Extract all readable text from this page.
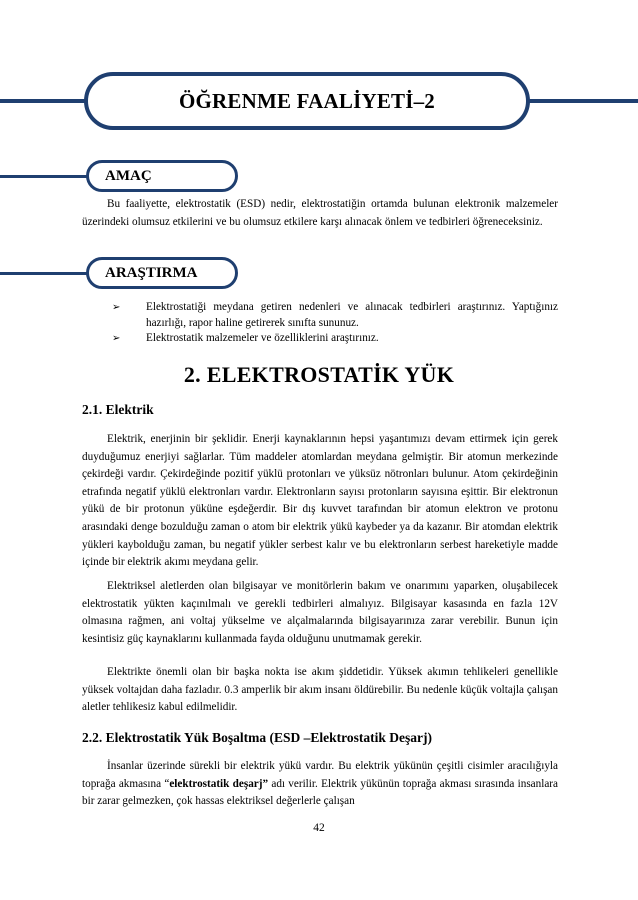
ÖĞRENME FAALİYETİ–2
AMAÇ

Bu faaliyette, elektrostatik (ESD) nedir, elektrostatiğin ortamda bulunan elektronik malzemeler üzerindeki olumsuz etkilerini ve bu olumsuz etkilere karşı alınacak önlem ve tedbirleri öğreneceksiniz.

ARAŞTIRMA
➢ Elektrostatiği meydana getiren nedenleri ve alınacak tedbirleri araştırınız. Yaptığınız hazırlığı, rapor haline getirerek sınıfta sununuz.
➢ Elektrostatik malzemeler ve özelliklerini araştırınız.
2. ELEKTROSTATİK YÜK
2.1. Elektrik

Elektrik, enerjinin bir şeklidir. Enerji kaynaklarının hepsi yaşantımızı devam ettirmek için gerek duyduğumuz enerjiyi sağlarlar. Tüm maddeler atomlardan meydana gelmiştir. Bir atomun merkezinde çekirdeği vardır. Çekirdeğinde pozitif yüklü protonları ve yüksüz nötronları bulunur. Atom çekirdeğinin etrafında negatif yüklü elektronları vardır. Elektronların sayısı protonların sayısına eşittir. Bir elektronun yükü de bir protonun yüküne eşdeğerdir. Bir dış kuvvet tarafından bir atomun elektron ve protonu arasındaki denge bozulduğu zaman o atom bir elektrik yükü kaybeder ya da kazanır. Bir atomdan elektrik yükleri kaybolduğu zaman, bu negatif yükler serbest kalır ve bu elektronların serbest hareketiyle madde içinde bir elektrik akımı meydana gelir.

Elektriksel aletlerden olan bilgisayar ve monitörlerin bakım ve onarımını yaparken, oluşabilecek elektrostatik yükten kaçınılmalı ve gerekli tedbirleri almalıyız. Bilgisayar kasasında en fazla 12V olmasına rağmen, ani voltaj yükselme ve alçalmalarında bilgisayarınıza zarar verebilir. Bunun için kesintisiz güç kaynaklarını kullanmada fayda olduğunu unutmamak gerekir.

Elektrikte önemli olan bir başka nokta ise akım şiddetidir. Yüksek akımın tehlikeleri genellikle yüksek voltajdan daha fazladır. 0.3 amperlik bir akım insanı öldürebilir. Bu nedenle küçük voltajla çalışan aletler tehlikesiz kabul edilmelidir.

2.2. Elektrostatik Yük Boşaltma (ESD –Elektrostatik Deşarj)

İnsanlar üzerinde sürekli bir elektrik yükü vardır. Bu elektrik yükünün çeşitli cisimler aracılığıyla toprağa akmasına “elektrostatik deşarj” adı verilir. Elektrik yükünün toprağa akması sırasında insanlara bir zarar gelmezken, çok hassas elektriksel değerlerle çalışan

42
